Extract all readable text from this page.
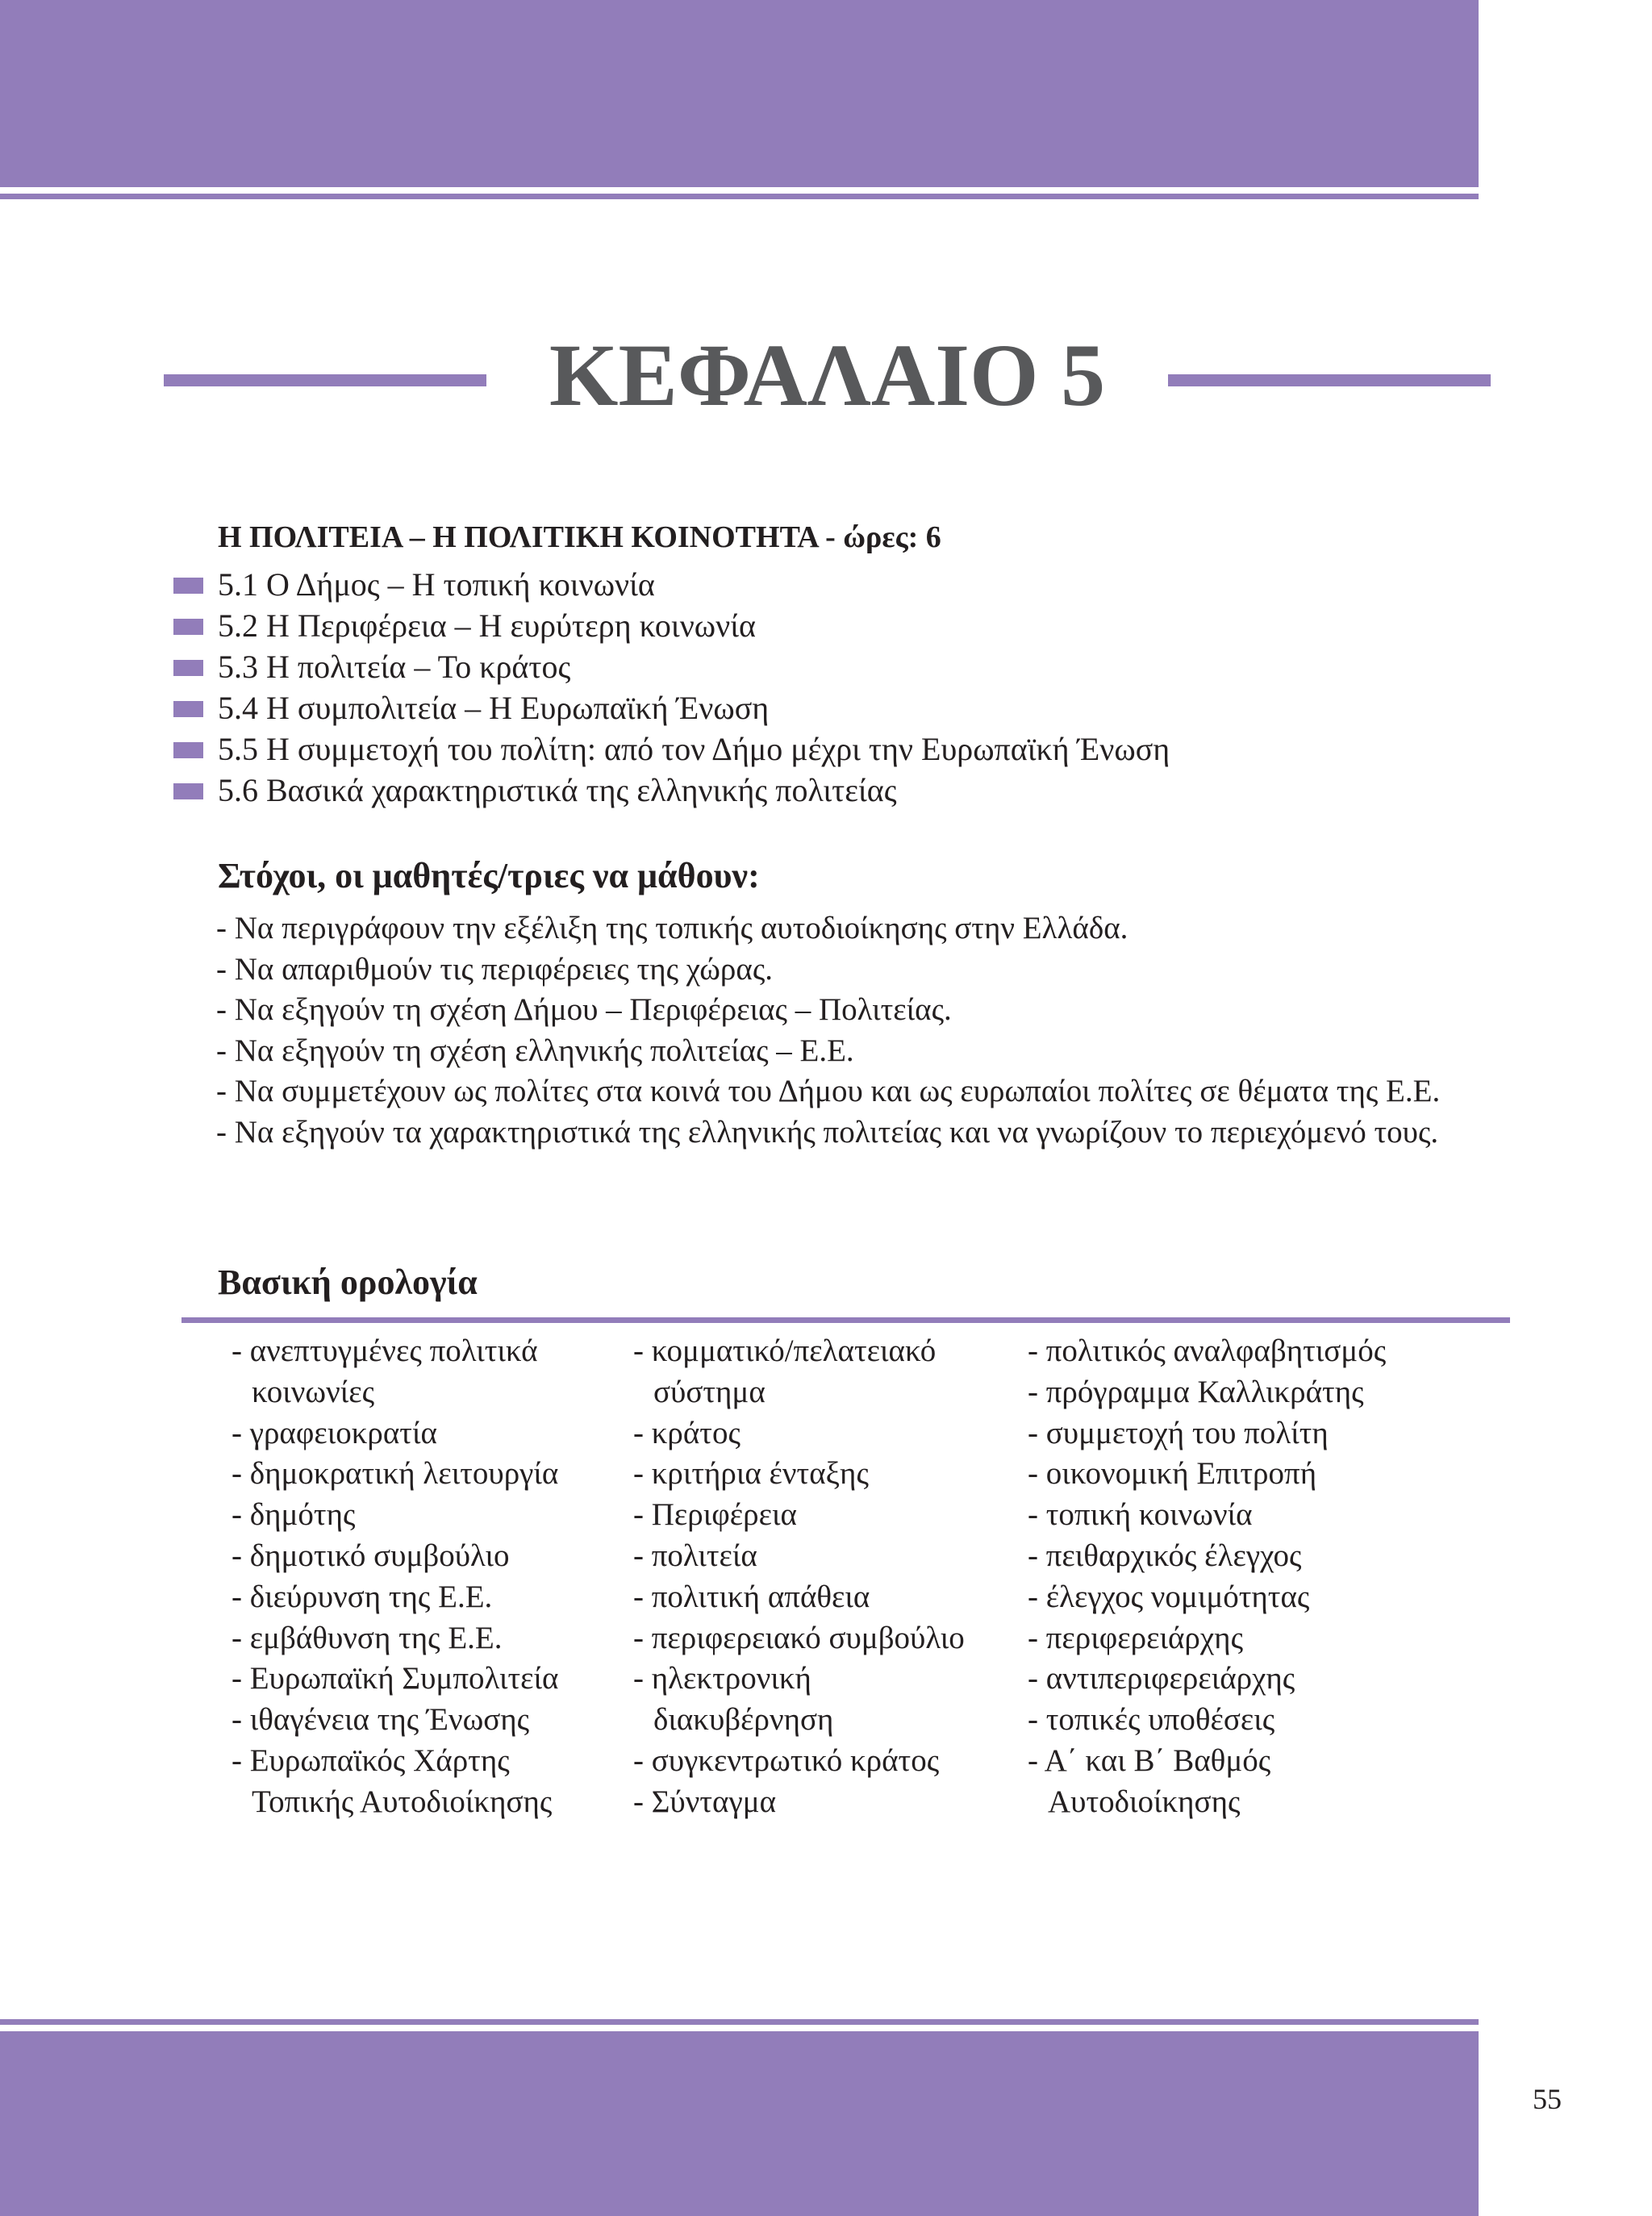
ΚΕΦΑΛΑΙΟ 5
Η ΠΟΛΙΤΕΙΑ – Η ΠΟΛΙΤΙΚΗ ΚΟΙΝΟΤΗΤΑ - ώρες: 6
5.1 Ο Δήμος – Η τοπική κοινωνία
5.2 Η Περιφέρεια – Η ευρύτερη κοινωνία
5.3 Η πολιτεία – Το κράτος
5.4 Η συμπολιτεία – Η Ευρωπαϊκή Ένωση
5.5 Η συμμετοχή του πολίτη: από τον Δήμο μέχρι την Ευρωπαϊκή Ένωση
5.6 Βασικά χαρακτηριστικά της ελληνικής πολιτείας
Στόχοι, οι μαθητές/τριες να μάθουν:
- Να περιγράφουν την εξέλιξη της τοπικής αυτοδιοίκησης στην Ελλάδα.
- Να απαριθμούν τις περιφέρειες της χώρας.
- Να εξηγούν τη σχέση Δήμου – Περιφέρειας – Πολιτείας.
- Να εξηγούν τη σχέση ελληνικής πολιτείας – Ε.Ε.
- Να συμμετέχουν ως πολίτες στα κοινά του Δήμου και ως ευρωπαίοι πολίτες σε θέματα της Ε.Ε.
- Να εξηγούν τα χαρακτηριστικά της ελληνικής πολιτείας και να γνωρίζουν το περιεχόμενό τους.
Βασική ορολογία
- ανεπτυγμένες πολιτικά
κοινωνίες
- γραφειοκρατία
- δημοκρατική λειτουργία
- δημότης
- δημοτικό συμβούλιο
- διεύρυνση της Ε.Ε.
- εμβάθυνση της Ε.Ε.
- Ευρωπαϊκή Συμπολιτεία
- ιθαγένεια της Ένωσης
- Ευρωπαϊκός Χάρτης
Τοπικής Αυτοδιοίκησης
- κομματικό/πελατειακό
σύστημα
- κράτος
- κριτήρια ένταξης
- Περιφέρεια
- πολιτεία
- πολιτική απάθεια
- περιφερειακό συμβούλιο
- ηλεκτρονική
διακυβέρνηση
- συγκεντρωτικό κράτος
- Σύνταγμα
- πολιτικός αναλφαβητισμός
- πρόγραμμα Καλλικράτης
- συμμετοχή του πολίτη
- οικονομική Επιτροπή
- τοπική κοινωνία
- πειθαρχικός έλεγχος
- έλεγχος νομιμότητας
- περιφερειάρχης
- αντιπεριφερειάρχης
- τοπικές υποθέσεις
- Α΄ και Β΄ Βαθμός
Αυτοδιοίκησης
55
